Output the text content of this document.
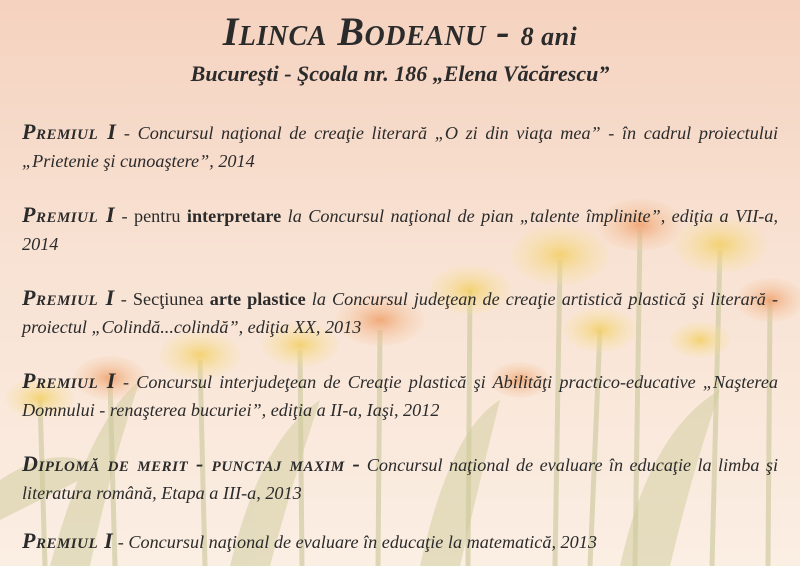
Ilinca Bodeanu - 8 ani
Bucureşti - Şcoala nr. 186 „Elena Văcărescu”
Premiul I - Concursul naţional de creaţie literară „O zi din viaţa mea” - în cadrul proiectului „Prietenie şi cunoaştere”, 2014
Premiul I - pentru interpretare la Concursul naţional de pian „talente împlinite”, ediţia a VII-a, 2014
Premiul I - Secţiunea arte plastice la Concursul judeţean de creaţie artistică plastică şi literară - proiectul „Colindă...colindă”, ediţia XX, 2013
Premiul I - Concursul interjudeţean de Creaţie plastică şi Abilităţi practico-educative „Naşterea Domnului - renaşterea bucuriei”, ediţia a II-a, Iaşi, 2012
Diplomă de merit - punctaj maxim - Concursul naţional de evaluare în educaţie la limba şi literatura română, Etapa a III-a, 2013
Premiul I - Concursul naţional de evaluare în educaţie la matematică, 2013
